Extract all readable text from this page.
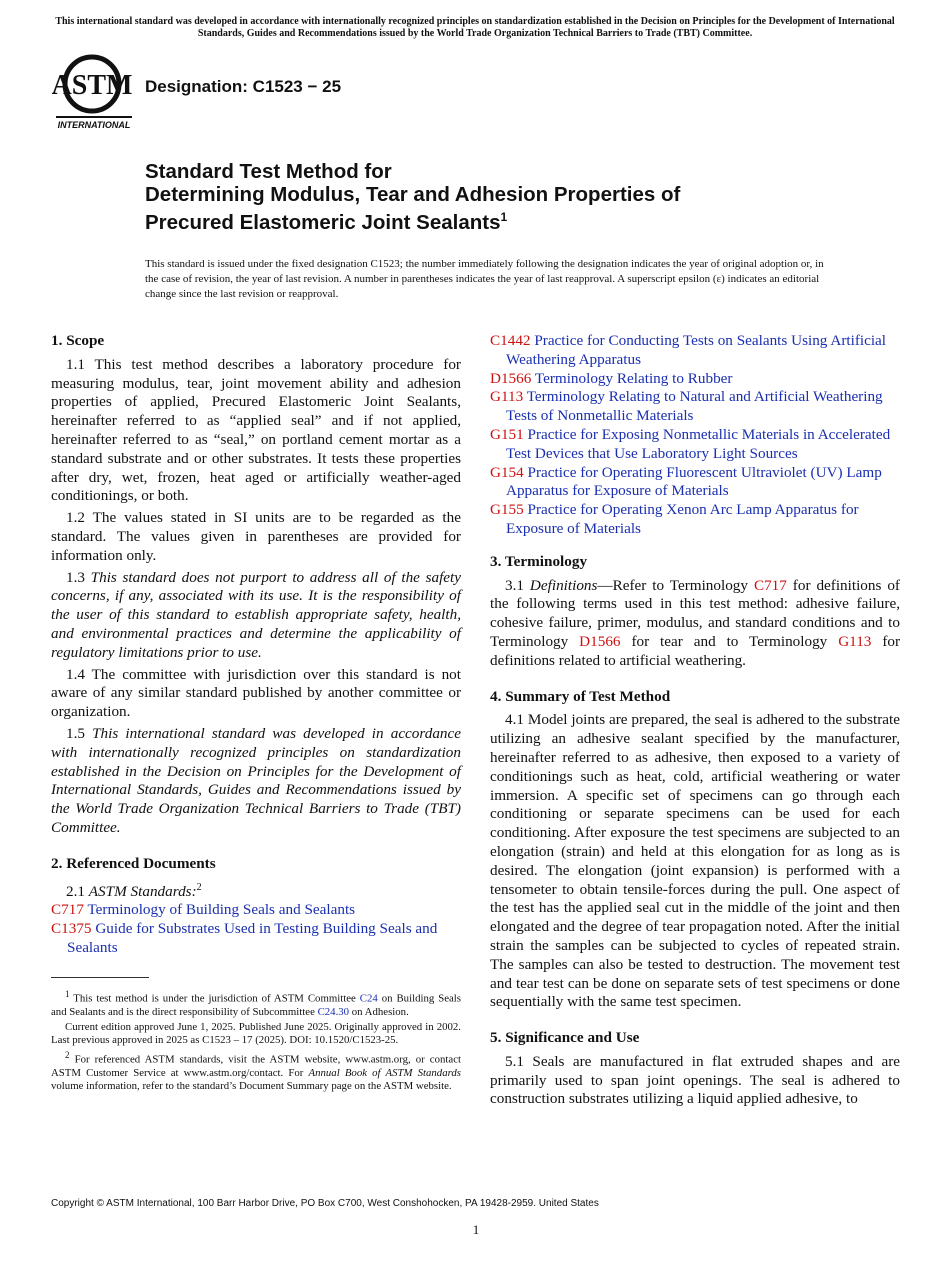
This international standard was developed in accordance with internationally recognized principles on standardization established in the Decision on Principles for the Development of International Standards, Guides and Recommendations issued by the World Trade Organization Technical Barriers to Trade (TBT) Committee.
ASTM
INTERNATIONAL
Designation: C1523 − 25
Standard Test Method for
Determining Modulus, Tear and Adhesion Properties of
Precured Elastomeric Joint Sealants$^1$
This standard is issued under the fixed designation C1523; the number immediately following the designation indicates the year of original adoption or, in the case of revision, the year of last revision. A number in parentheses indicates the year of last reapproval. A superscript epsilon (ε) indicates an editorial change since the last revision or reapproval.
1. Scope

1.1 This test method describes a laboratory procedure for measuring modulus, tear, joint movement ability and adhesion properties of applied, Precured Elastomeric Joint Sealants, hereinafter referred to as “applied seal” and if not applied, hereinafter referred to as “seal,” on portland cement mortar as a standard substrate and or other substrates. It tests these properties after dry, wet, frozen, heat aged or artificially weather-aged conditionings, or both.

1.2 The values stated in SI units are to be regarded as the standard. The values given in parentheses are provided for information only.

1.3 This standard does not purport to address all of the safety concerns, if any, associated with its use. It is the responsibility of the user of this standard to establish appropriate safety, health, and environmental practices and determine the applicability of regulatory limitations prior to use.

1.4 The committee with jurisdiction over this standard is not aware of any similar standard published by another committee or organization.

1.5 This international standard was developed in accordance with internationally recognized principles on standardization established in the Decision on Principles for the Development of International Standards, Guides and Recommendations issued by the World Trade Organization Technical Barriers to Trade (TBT) Committee.

2. Referenced Documents

2.1 ASTM Standards:$^2$

C717 Terminology of Building Seals and Sealants

C1375 Guide for Substrates Used in Testing Building Seals and Sealants

$^1$ This test method is under the jurisdiction of ASTM Committee C24 on Building Seals and Sealants and is the direct responsibility of Subcommittee C24.30 on Adhesion.

Current edition approved June 1, 2025. Published June 2025. Originally approved in 2002. Last previous approved in 2025 as C1523 – 17 (2025). DOI: 10.1520/C1523-25.

$^2$ For referenced ASTM standards, visit the ASTM website, www.astm.org, or contact ASTM Customer Service at www.astm.org/contact. For Annual Book of ASTM Standards volume information, refer to the standard’s Document Summary page on the ASTM website.

C1442 Practice for Conducting Tests on Sealants Using Artificial Weathering Apparatus

D1566 Terminology Relating to Rubber

G113 Terminology Relating to Natural and Artificial Weathering Tests of Nonmetallic Materials

G151 Practice for Exposing Nonmetallic Materials in Accelerated Test Devices that Use Laboratory Light Sources

G154 Practice for Operating Fluorescent Ultraviolet (UV) Lamp Apparatus for Exposure of Materials

G155 Practice for Operating Xenon Arc Lamp Apparatus for Exposure of Materials

3. Terminology

3.1 Definitions—Refer to Terminology C717 for definitions of the following terms used in this test method: adhesive failure, cohesive failure, primer, modulus, and standard conditions and to Terminology D1566 for tear and to Terminology G113 for definitions related to artificial weathering.

4. Summary of Test Method

4.1 Model joints are prepared, the seal is adhered to the substrate utilizing an adhesive sealant specified by the manufacturer, hereinafter referred to as adhesive, then exposed to a variety of conditionings such as heat, cold, artificial weathering or water immersion. A specific set of specimens can go through each conditioning or separate specimens can be used for each conditioning. After exposure the test specimens are subjected to an elongation (strain) and held at this elongation for as long as is desired. The elongation (joint expansion) is performed with a tensometer to obtain tensile-forces during the pull. One aspect of the test has the applied seal cut in the middle of the joint and then elongated and the degree of tear propagation noted. After the initial strain the samples can be subjected to cycles of repeated strain. The samples can also be tested to destruction. The movement test and tear test can be done on separate sets of test specimens or done sequentially with the same test specimen.

5. Significance and Use

5.1 Seals are manufactured in flat extruded shapes and are primarily used to span joint openings. The seal is adhered to construction substrates utilizing a liquid applied adhesive, to

Copyright © ASTM International, 100 Barr Harbor Drive, PO Box C700, West Conshohocken, PA 19428-2959. United States
1
